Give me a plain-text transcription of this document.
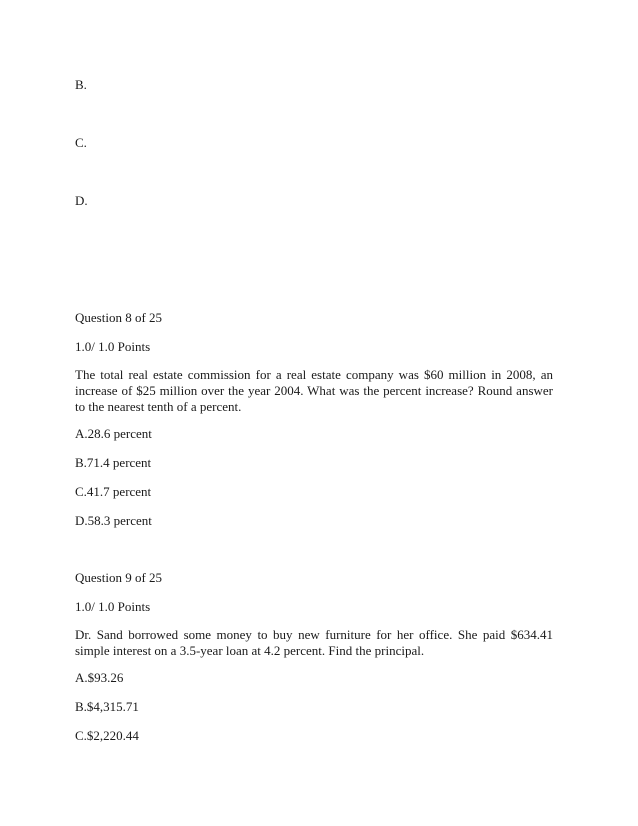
B.
C.
D.
Question 8 of 25
1.0/ 1.0 Points
The total real estate commission for a real estate company was $60 million in 2008, an increase of $25 million over the year 2004. What was the percent increase? Round answer to the nearest tenth of a percent.
A.28.6 percent
B.71.4 percent
C.41.7 percent
D.58.3 percent
Question 9 of 25
1.0/ 1.0 Points
Dr. Sand borrowed some money to buy new furniture for her office. She paid $634.41 simple interest on a 3.5-year loan at 4.2 percent. Find the principal.
A.$93.26
B.$4,315.71
C.$2,220.44
